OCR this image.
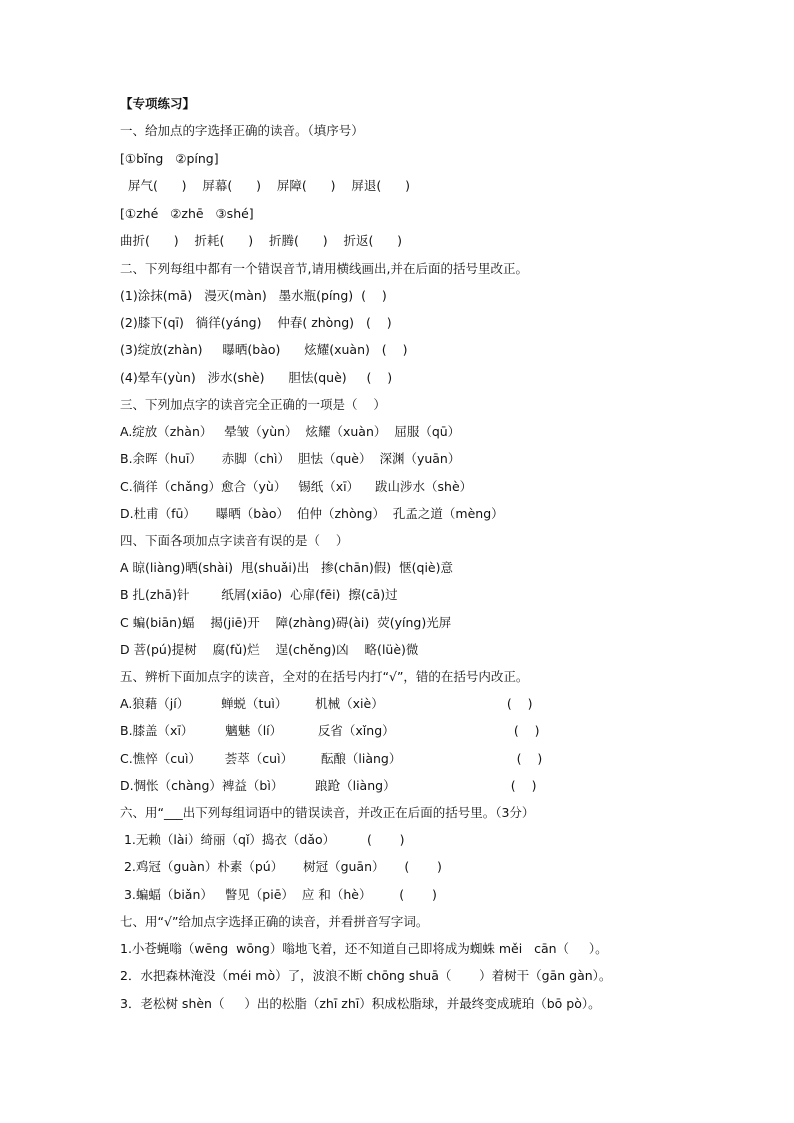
【专项练习】
一、给加点的字选择正确的读音。（填序号）
[①bǐng   ②píng]
屏气(      )    屏幕(      )    屏障(      )    屏退(      )
[①zhé   ②zhē   ③shé]
曲折(      )    折耗(      )    折腾(      )    折返(      )
二、下列每组中都有一个错误音节,请用横线画出,并在后面的括号里改正。
(1)涂抹(mā)   漫灭(màn)   墨水瓶(píng)  (    )
(2)膝下(qī)   徜徉(yáng)    仲春( zhòng)   (    )
(3)绽放(zhàn)     曝晒(bào)      炫耀(xuàn)   (    )
(4)晕车(yùn)   涉水(shè)      胆怯(què)     (    )
三、下列加点字的读音完全正确的一项是（    ）
A.绽放（zhàn）   晕皱（yùn）  炫耀（xuàn）  屈服（qū）
B.余晖（huī）     赤脚（chì）  胆怯（què）  深渊（yuān）
C.徜徉（chǎng）愈合（yù）   锡纸（xī）    跋山涉水（shè）
D.杜甫（fū）     曝晒（bào）  伯仲（zhòng）  孔孟之道（mèng）
四、下面各项加点字读音有误的是（    ）
A 晾(liàng)晒(shài)  甩(shuǎi)出   掺(chān)假)  惬(qiè)意
B 扎(zhā)针        纸屑(xiāo)  心扉(fēi)  擦(cā)过
C 蝙(biān)蝠    揭(jiē)开    障(zhàng)碍(ài)  荧(yíng)光屏
D 菩(pú)提树    腐(fǔ)烂    逞(chěng)凶    略(lüè)微
五、辨析下面加点字的读音，全对的在括号内打“√”，错的在括号内改正。
A.狼藉（jí）        蝉蜕（tuì）       机械（xiè）                               (    )
B.膝盖（xī）        魑魅（lí）         反省（xǐng）                              (    )
C.憔悴（cuì）      荟萃（cuì）       酝酿（liàng）                             (    )
D.惆怅（chàng）裨益（bì）        踉跄（liàng）                             (    )
六、用“___出下列每组词语中的错误读音，并改正在后面的括号里。（3分）
1.无赖（lài）绮丽（qǐ）捣衣（dǎo）        (       )
2.鸡冠（guàn）朴素（pú）     树冠（guān）     (       )
3.蝙蝠（biǎn）   瞥见（piē）  应 和（hè）       (       )
七、用“√”给加点字选择正确的读音，并看拼音写字词。
1.小苍蝇嗡（wēng  wōng）嗡地飞着，还不知道自己即将成为蜘蛛 měi   cān（     ）。
2．水把森林淹没（méi mò）了，波浪不断 chōng shuā（       ）着树干（gān gàn）。
3．老松树 shèn（     ）出的松脂（zhī zhī）积成松脂球，并最终变成琥珀（bō pò）。
